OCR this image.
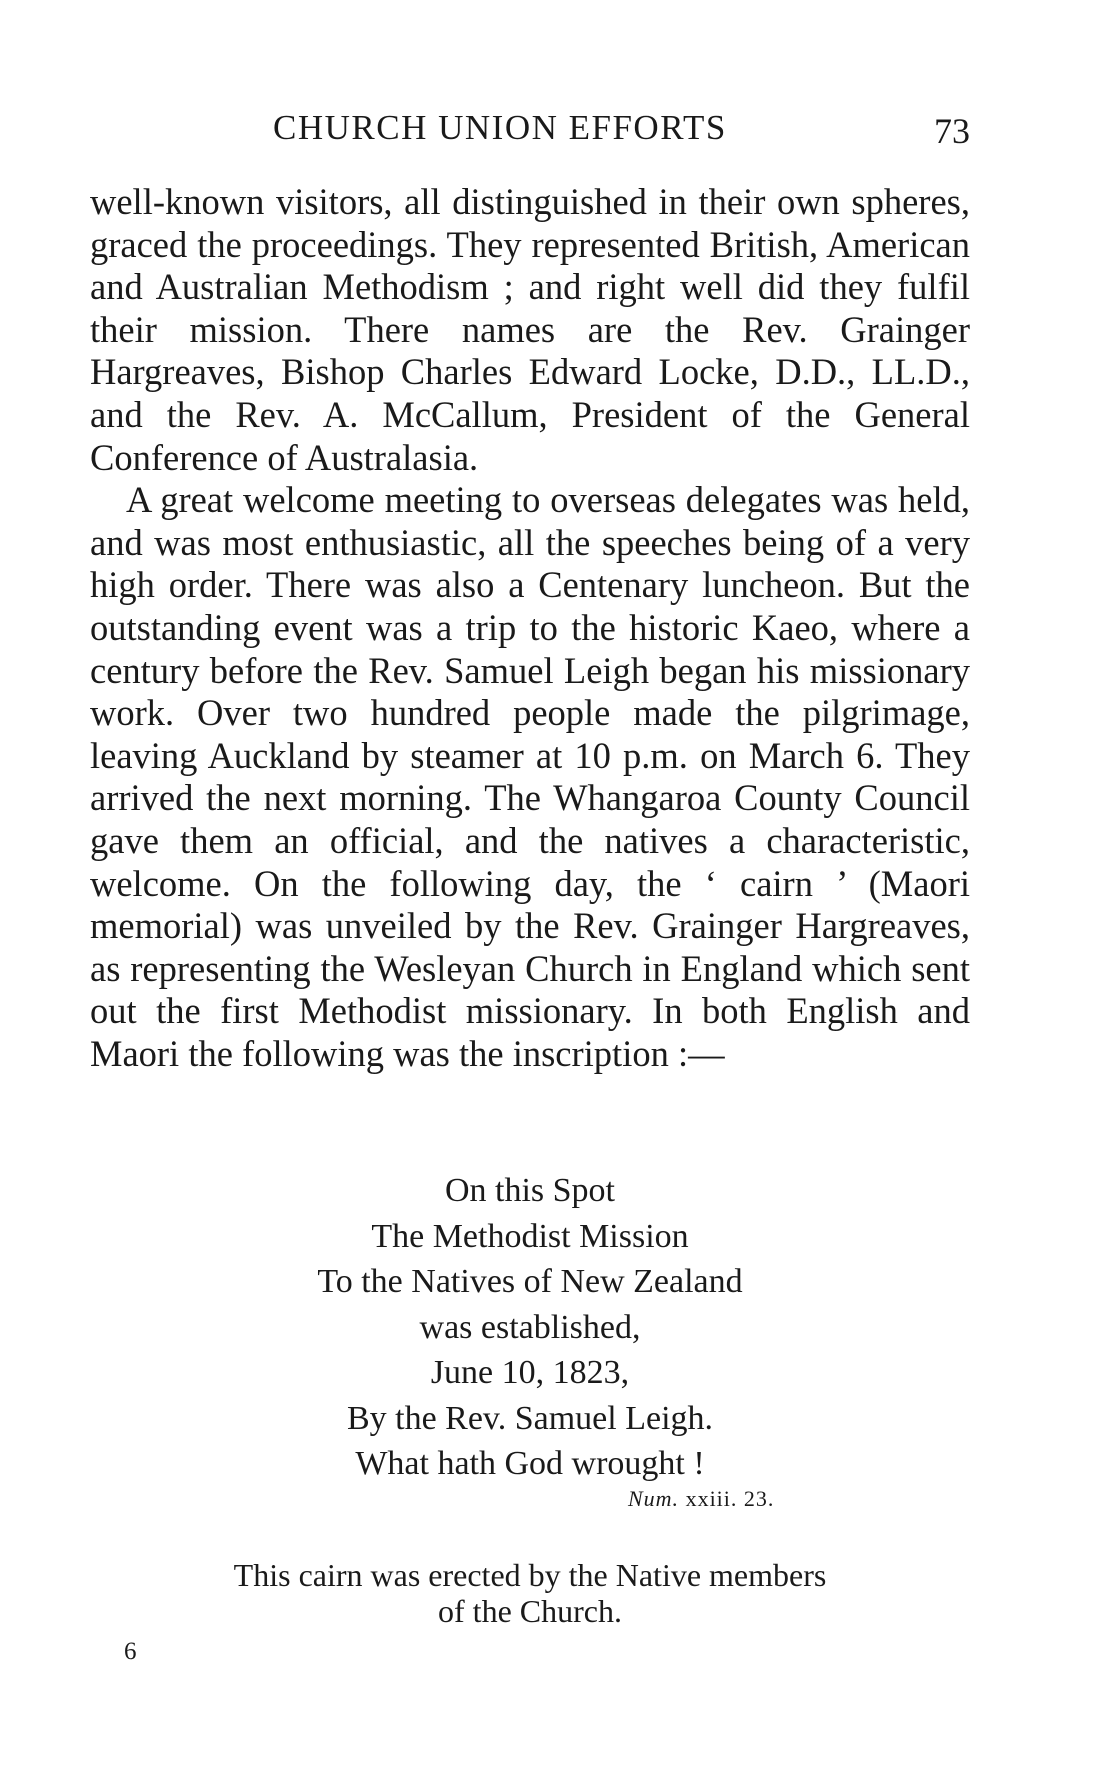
CHURCH UNION EFFORTS	73

well-known visitors, all distinguished in their own spheres, graced the proceedings. They represented British, American and Australian Methodism ; and right well did they fulfil their mission. There names are the Rev. Grainger Hargreaves, Bishop Charles Edward Locke, D.D., LL.D., and the Rev. A. McCallum, President of the General Conference of Australasia.

A great welcome meeting to overseas delegates was held, and was most enthusiastic, all the speeches being of a very high order. There was also a Centenary luncheon. But the outstanding event was a trip to the historic Kaeo, where a century before the Rev. Samuel Leigh began his missionary work. Over two hundred people made the pilgrimage, leaving Auckland by steamer at 10 p.m. on March 6. They arrived the next morning. The Whangaroa County Council gave them an official, and the natives a characteristic, welcome. On the following day, the ‘ cairn ’ (Maori memorial) was unveiled by the Rev. Grainger Hargreaves, as representing the Wesleyan Church in England which sent out the first Methodist missionary. In both English and Maori the following was the inscription :—

On this Spot
The Methodist Mission
To the Natives of New Zealand
was established,
June 10, 1823,
By the Rev. Samuel Leigh.
What hath God wrought !
Num. xxiii. 23.
This cairn was erected by the Native members
of the Church.
6
